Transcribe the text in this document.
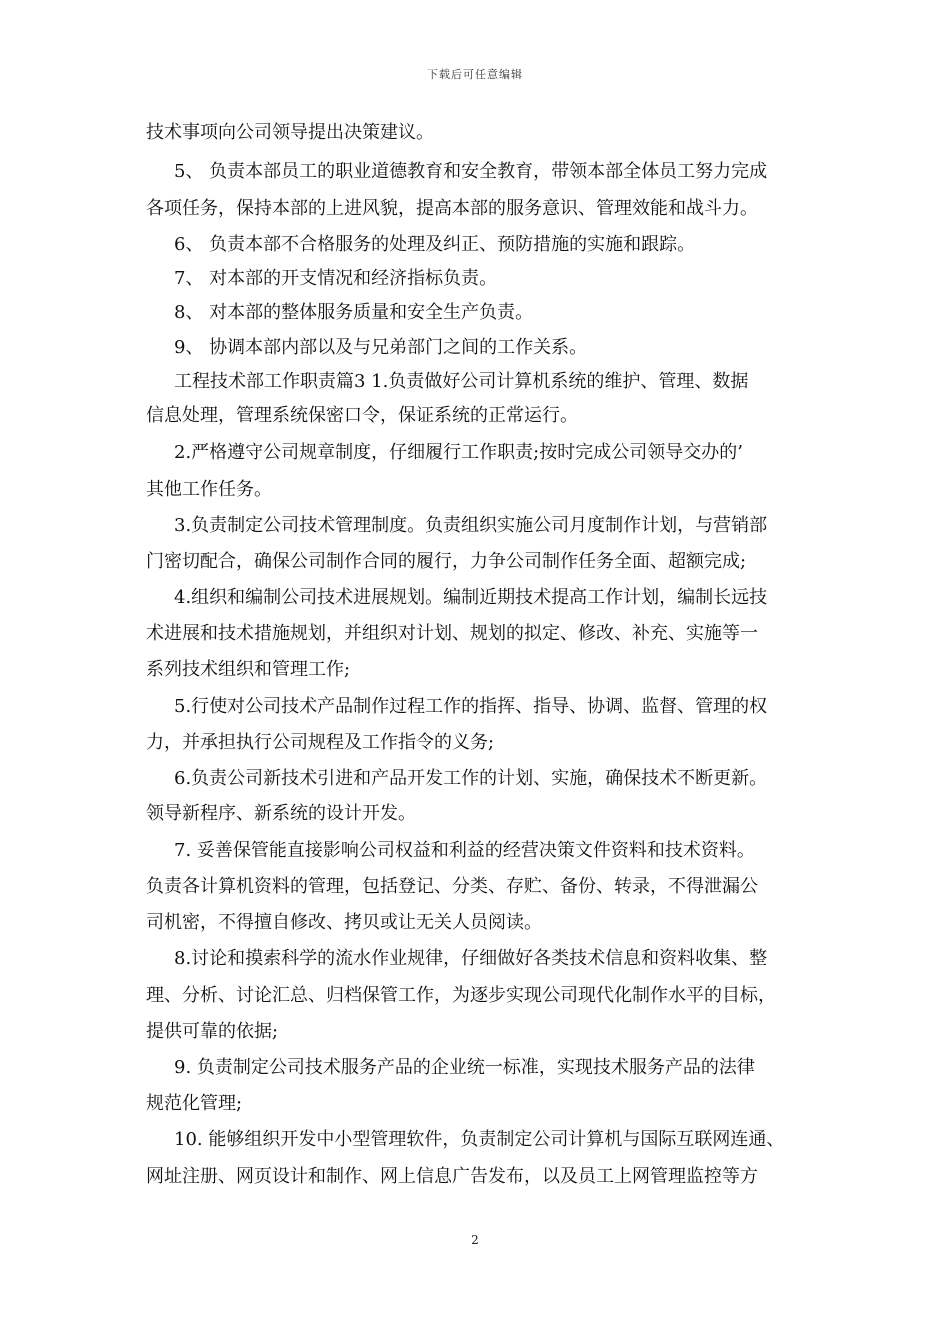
下载后可任意编辑
技术事项向公司领导提出决策建议。
5、 负责本部员工的职业道德教育和安全教育，带领本部全体员工努力完成
各项任务，保持本部的上进风貌，提高本部的服务意识、管理效能和战斗力。
6、 负责本部不合格服务的处理及纠正、预防措施的实施和跟踪。
7、 对本部的开支情况和经济指标负责。
8、 对本部的整体服务质量和安全生产负责。
9、 协调本部内部以及与兄弟部门之间的工作关系。
工程技术部工作职责篇3 1.负责做好公司计算机系统的维护、管理、数据
信息处理，管理系统保密口令，保证系统的正常运行。
2.严格遵守公司规章制度，仔细履行工作职责;按时完成公司领导交办的’
其他工作任务。
3.负责制定公司技术管理制度。负责组织实施公司月度制作计划，与营销部
门密切配合，确保公司制作合同的履行，力争公司制作任务全面、超额完成;
4.组织和编制公司技术进展规划。编制近期技术提高工作计划，编制长远技
术进展和技术措施规划，并组织对计划、规划的拟定、修改、补充、实施等一
系列技术组织和管理工作;
5.行使对公司技术产品制作过程工作的指挥、指导、协调、监督、管理的权
力，并承担执行公司规程及工作指令的义务;
6.负责公司新技术引进和产品开发工作的计划、实施，确保技术不断更新。
领导新程序、新系统的设计开发。
7. 妥善保管能直接影响公司权益和利益的经营决策文件资料和技术资料。
负责各计算机资料的管理，包括登记、分类、存贮、备份、转录，不得泄漏公
司机密，不得擅自修改、拷贝或让无关人员阅读。
8.讨论和摸索科学的流水作业规律，仔细做好各类技术信息和资料收集、整
理、分析、讨论汇总、归档保管工作，为逐步实现公司现代化制作水平的目标，
提供可靠的依据;
9. 负责制定公司技术服务产品的企业统一标准，实现技术服务产品的法律
规范化管理;
10. 能够组织开发中小型管理软件，负责制定公司计算机与国际互联网连通、
网址注册、网页设计和制作、网上信息广告发布，以及员工上网管理监控等方
2
